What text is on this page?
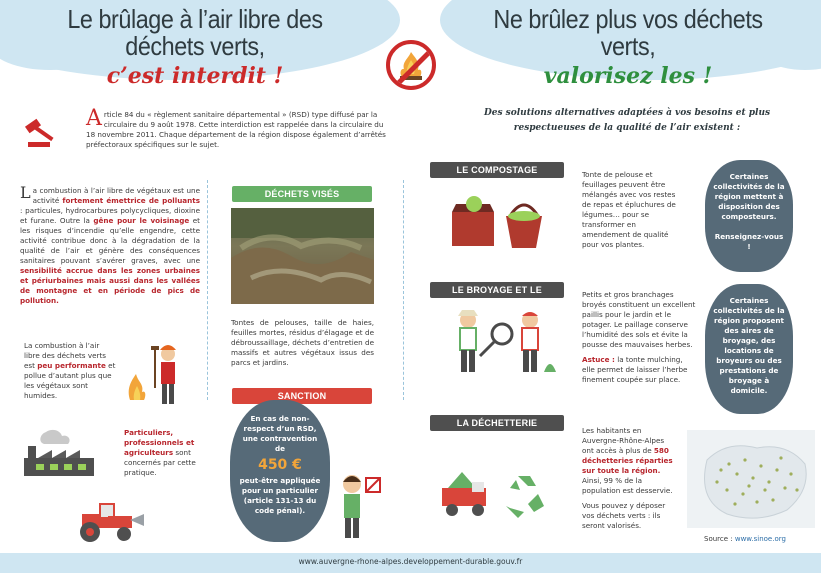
Le brûlage à l’air libre des déchets verts,

c’est interdit !
Ne brûlez plus vos déchets verts,

valorisez les !
Article 84 du « règlement sanitaire départemental » (RSD) type diffusé par la circulaire du 9 août 1978. Cette interdiction est rappelée dans la circulaire du 18 novembre 2011. Chaque département de la région dispose également d’arrêtés préfectoraux spécifiques sur le sujet.
La combustion à l’air libre de végétaux est une activité fortement émettrice de polluants : particules, hydrocarbures polycycliques, dioxine et furane. Outre la gêne pour le voisinage et les risques d’incendie qu’elle engendre, cette activité contribue donc à la dégradation de la qualité de l’air et génère des conséquences sanitaires pouvant s’avérer graves, avec une sensibilité accrue dans les zones urbaines et périurbaines mais aussi dans les vallées de montagne et en période de pics de pollution.
La combustion à l’air libre des déchets verts est peu performante et pollue d’autant plus que les végétaux sont humides.
Particuliers, professionnels et agriculteurs sont concernés par cette pratique.
DÉCHETS VISÉS
Tontes de pelouses, taille de haies, feuilles mortes, résidus d’élagage et de débroussaillage, déchets d’entretien de massifs et autres végétaux issus des parcs et jardins.
SANCTION
En cas de non-respect d’un RSD, une contravention de
450 €
peut-être appliquée pour un particulier (article 131-13 du code pénal).
Des solutions alternatives adaptées à vos besoins et plus respectueuses de la qualité de l’air existent :
LE COMPOSTAGE INDIVIDUEL
Tonte de pelouse et feuillages peuvent être mélangés avec vos restes de repas et épluchures de légumes… pour se transformer en amendement de qualité pour vos plantes.
Certaines collectivités de la région mettent à disposition des composteurs.
Renseignez-vous !
LE BROYAGE ET LE PAILLAGE
Petits et gros branchages broyés constituent un excellent paillis pour le jardin et le potager. Le paillage conserve l’humidité des sols et évite la pousse des mauvaises herbes.
Astuce : la tonte mulching, elle permet de laisser l’herbe finement coupée sur place.
Certaines collectivités de la région proposent des aires de broyage, des locations de broyeurs ou des prestations de broyage à domicile.
LA DÉCHETTERIE
Les habitants en Auvergne-Rhône-Alpes ont accès à plus de 580 déchetteries réparties sur toute la région. Ainsi, 99 % de la population est desservie.
Vous pouvez y déposer vos déchets verts : ils seront valorisés.
Source : www.sinoe.org
www.auvergne-rhone-alpes.developpement-durable.gouv.fr
